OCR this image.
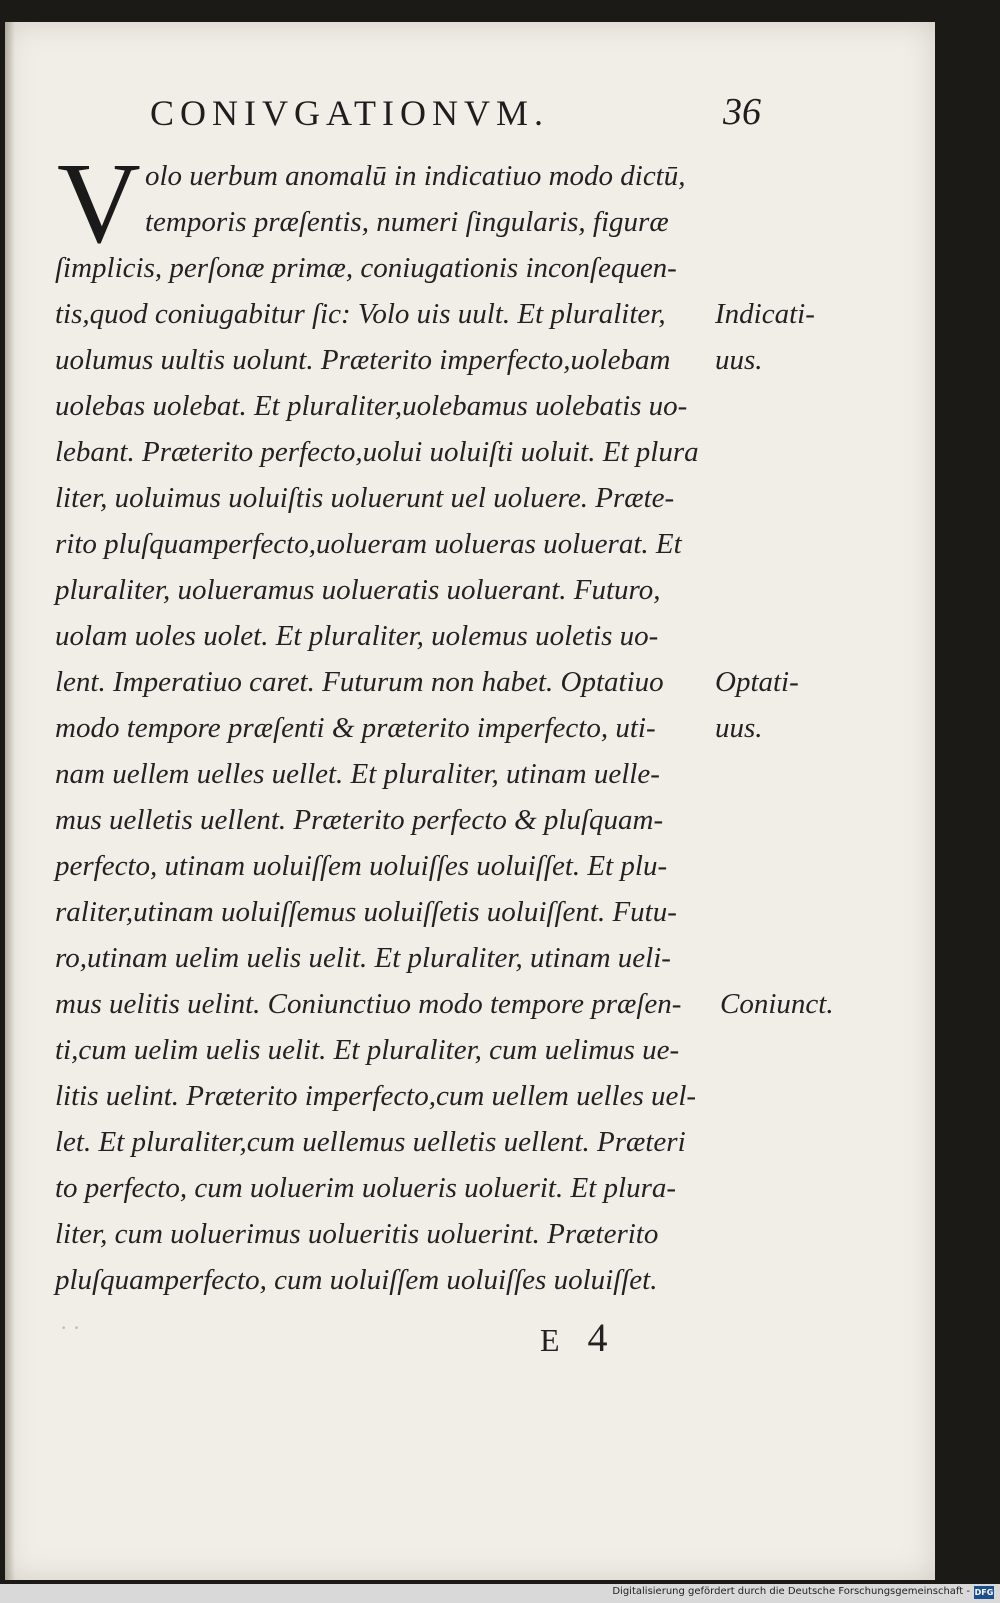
CONIVGATIONVM.	36
V olo uerbum anomalū in indicatiuo modo dictū,

temporis præſentis, numeri ſingularis, figuræ

ſimplicis, perſonæ primæ, coniugationis inconſequen-

tis,quod coniugabitur ſic: Volo uis uult. Et pluraliter,

uolumus uultis uolunt. Præterito imperfecto,uolebam

uolebas uolebat. Et pluraliter,uolebamus uolebatis uo-

lebant. Præterito perfecto,uolui uoluiſti uoluit. Et plura

liter, uoluimus uoluiſtis uoluerunt uel uoluere. Præte-

rito pluſquamperfecto,uolueram uolueras uoluerat. Et

pluraliter, uolueramus uolueratis uoluerant. Futuro,

uolam uoles uolet. Et pluraliter, uolemus uoletis uo-

lent. Imperatiuo caret. Futurum non habet. Optatiuo

modo tempore præſenti & præterito imperfecto, uti-

nam uellem uelles uellet. Et pluraliter, utinam uelle-

mus uelletis uellent. Præterito perfecto & pluſquam-

perfecto, utinam uoluiſſem uoluiſſes uoluiſſet. Et plu-

raliter,utinam uoluiſſemus uoluiſſetis uoluiſſent. Futu-

ro,utinam uelim uelis uelit. Et pluraliter, utinam ueli-

mus uelitis uelint. Coniunctiuo modo tempore præſen-

ti,cum uelim uelis uelit. Et pluraliter, cum uelimus ue-

litis uelint. Præterito imperfecto,cum uellem uelles uel-

let. Et pluraliter,cum uellemus uelletis uellent. Præteri

to perfecto, cum uoluerim uolueris uoluerit. Et plura-

liter, cum uoluerimus uolueritis uoluerint. Præterito

pluſquamperfecto, cum uoluiſſem uoluiſſes uoluiſſet.

Indicati-

uus.

Optati-

uus.

Coniunct.

· ·	E 4
Digitalisierung gefördert durch die Deutsche Forschungsgemeinschaft - DFG
